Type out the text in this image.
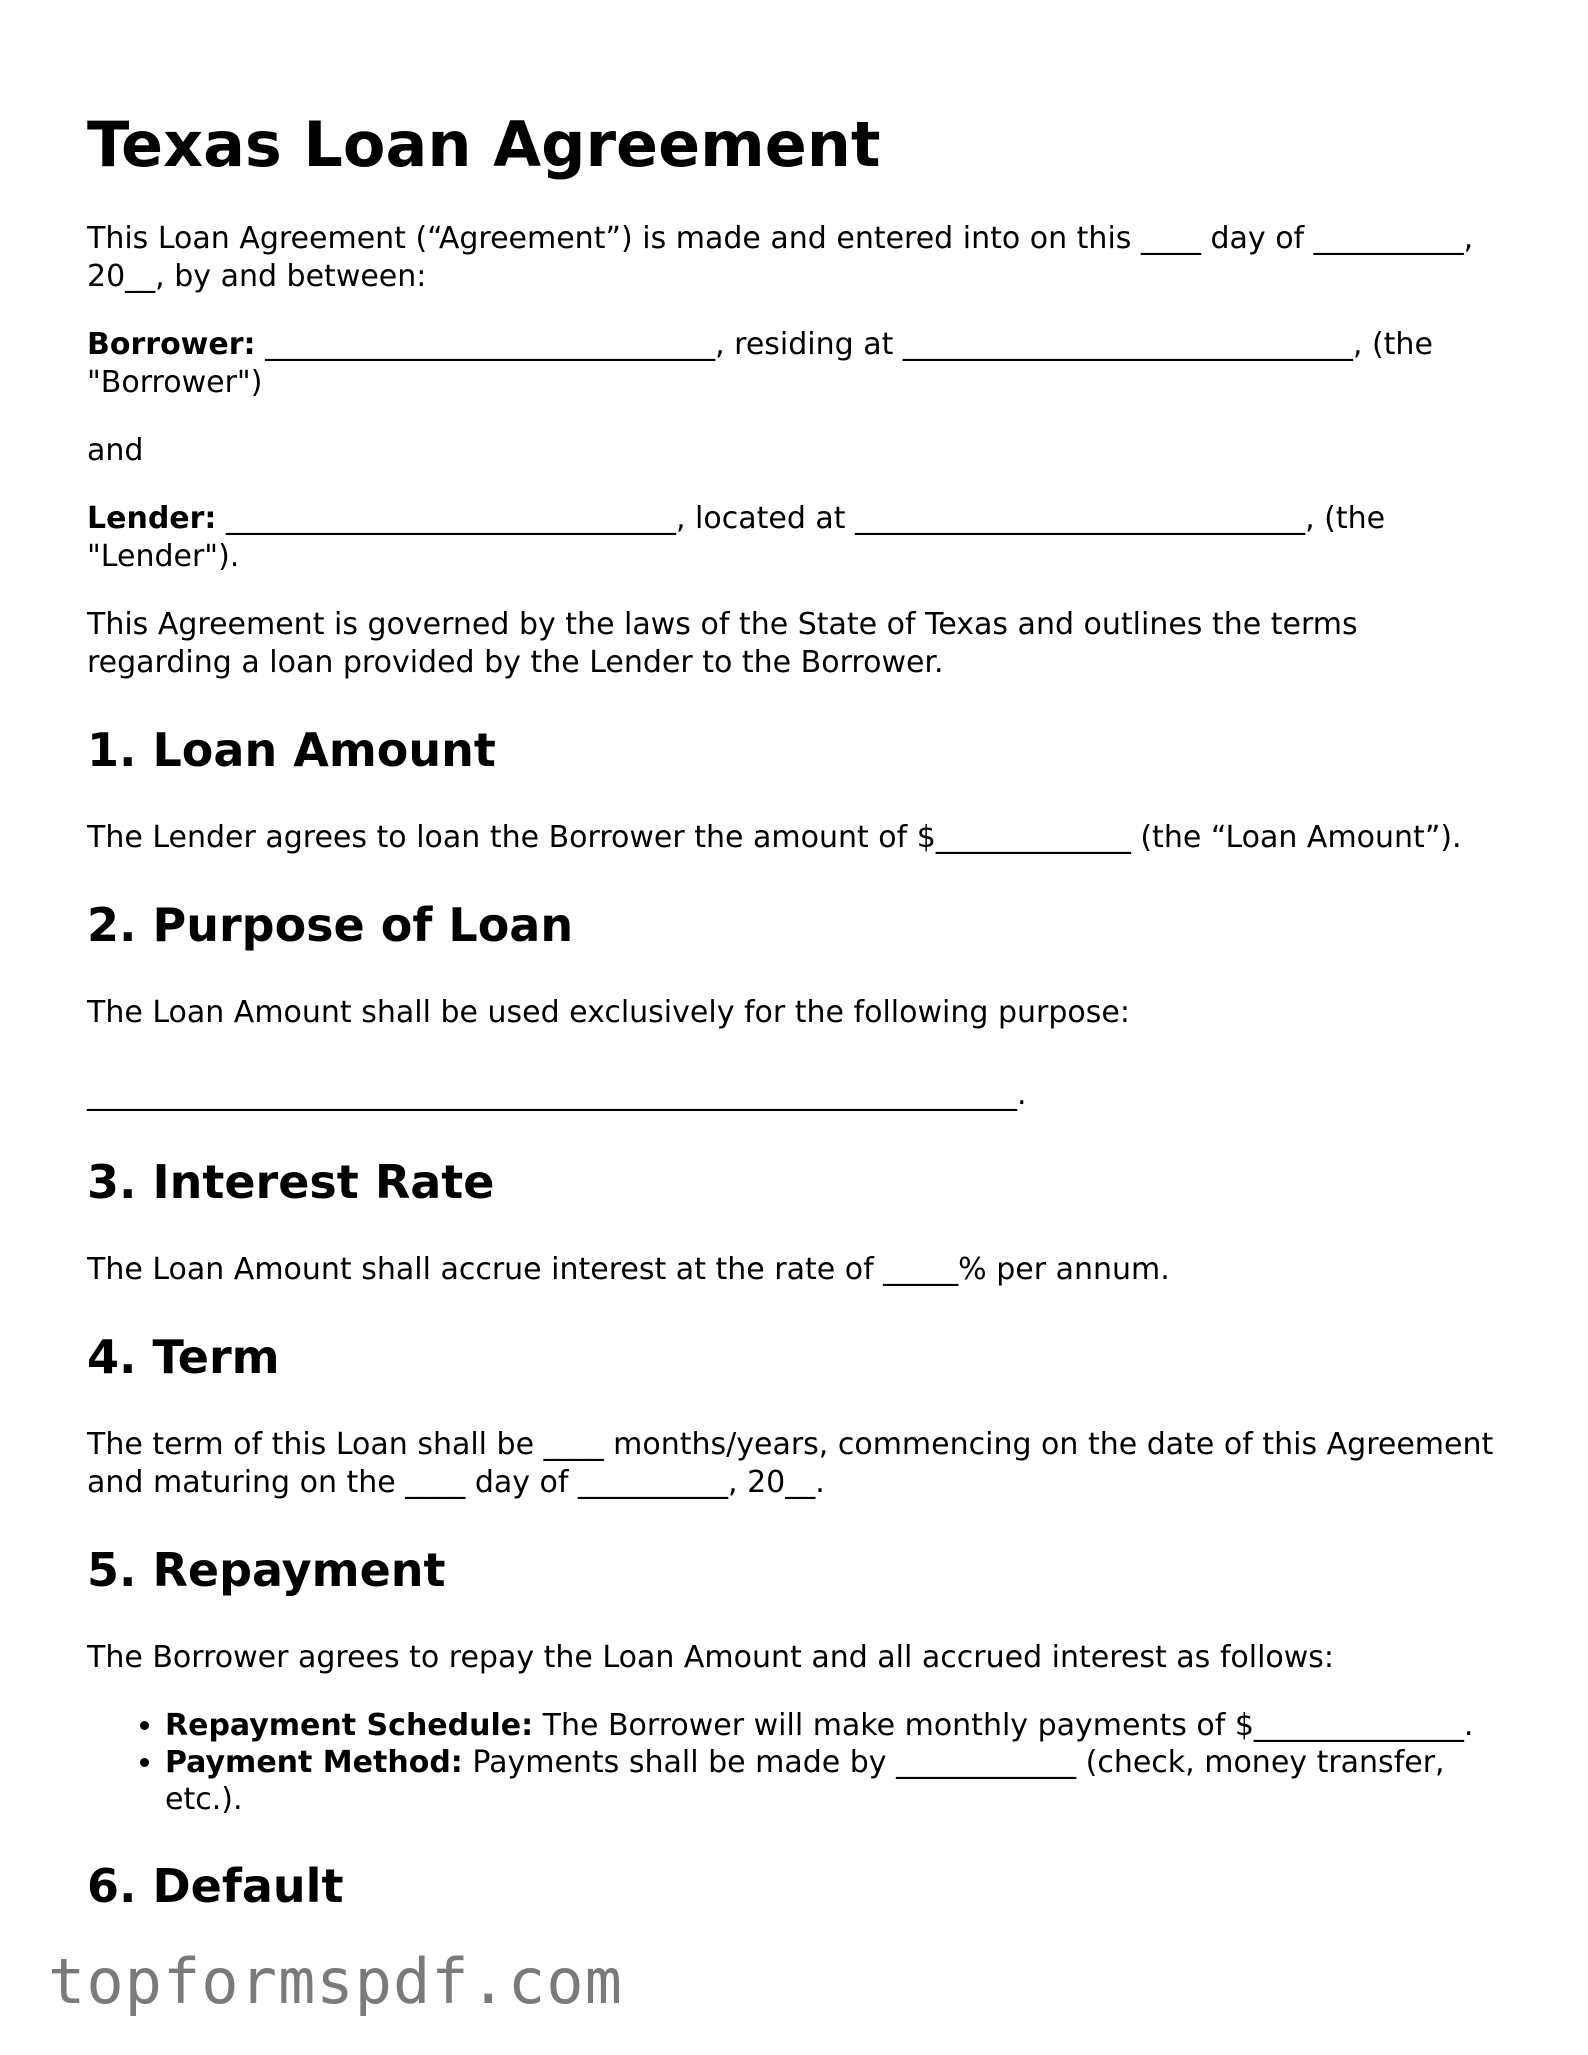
Texas Loan Agreement

This Loan Agreement (“Agreement”) is made and entered into on this ____ day of __________, 20__, by and between:

Borrower: ______________________________, residing at ______________________________, (the "Borrower")

and

Lender: ______________________________, located at ______________________________, (the "Lender").

This Agreement is governed by the laws of the State of Texas and outlines the terms regarding a loan provided by the Lender to the Borrower.

1. Loan Amount

The Lender agrees to loan the Borrower the amount of $_____________ (the “Loan Amount”).

2. Purpose of Loan

The Loan Amount shall be used exclusively for the following purpose:

______________________________________________________________.

3. Interest Rate

The Loan Amount shall accrue interest at the rate of _____% per annum.

4. Term

The term of this Loan shall be ____ months/years, commencing on the date of this Agreement and maturing on the ____ day of __________, 20__.

5. Repayment

The Borrower agrees to repay the Loan Amount and all accrued interest as follows:

• Repayment Schedule: The Borrower will make monthly payments of $______________.
• Payment Method: Payments shall be made by ____________ (check, money transfer, etc.).
6. Default
topformspdf.com
